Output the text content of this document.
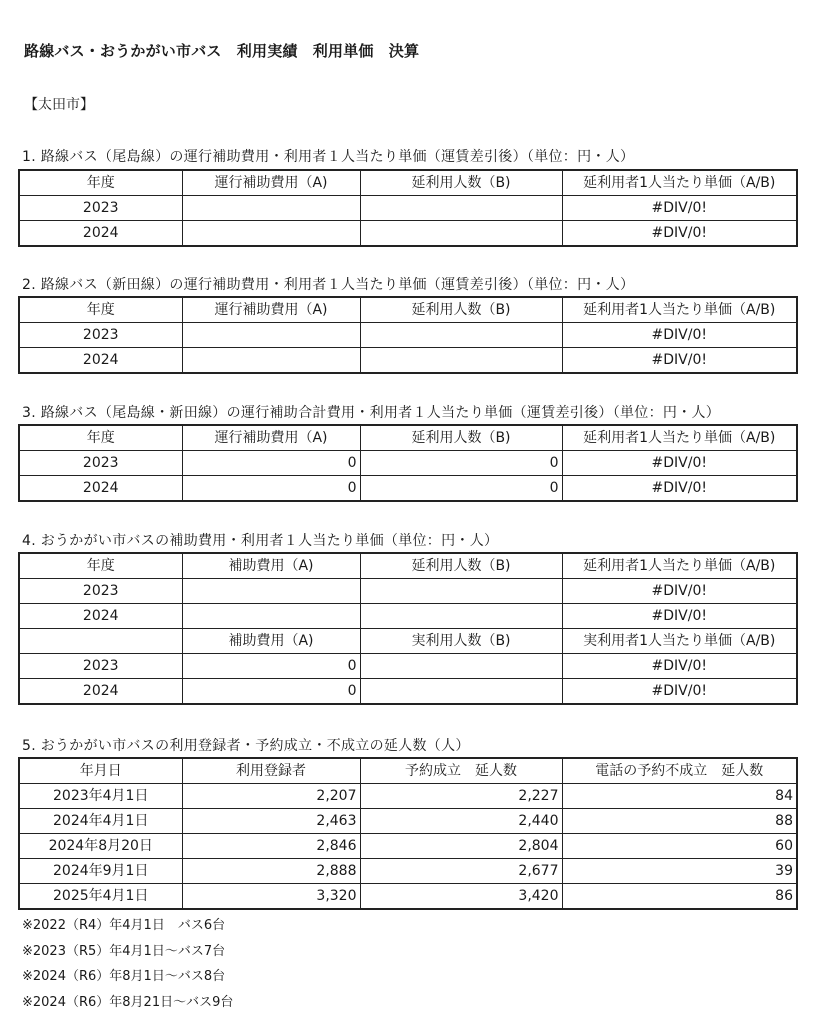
路線バス・おうかがい市バス　利用実績　利用単価　決算
【太田市】
1. 路線バス（尾島線）の運行補助費用・利用者１人当たり単価（運賃差引後）（単位：円・人）
年度	運行補助費用（A)	延利用人数（B)	延利用者1人当たり単価（A/B)
2023			#DIV/0!
2024			#DIV/0!
2. 路線バス（新田線）の運行補助費用・利用者１人当たり単価（運賃差引後）（単位：円・人）
年度	運行補助費用（A)	延利用人数（B)	延利用者1人当たり単価（A/B)
2023			#DIV/0!
2024			#DIV/0!
3. 路線バス（尾島線・新田線）の運行補助合計費用・利用者１人当たり単価（運賃差引後）（単位：円・人）
年度	運行補助費用（A)	延利用人数（B)	延利用者1人当たり単価（A/B)
2023	0	0	#DIV/0!
2024	0	0	#DIV/0!
4. おうかがい市バスの補助費用・利用者１人当たり単価（単位：円・人）
年度	補助費用（A)	延利用人数（B)	延利用者1人当たり単価（A/B)
2023			#DIV/0!
2024			#DIV/0!
	補助費用（A)	実利用人数（B)	実利用者1人当たり単価（A/B)
2023	0		#DIV/0!
2024	0		#DIV/0!
5. おうかがい市バスの利用登録者・予約成立・不成立の延人数（人）
年月日	利用登録者	予約成立　延人数	電話の予約不成立　延人数
2023年4月1日	2,207	2,227	84
2024年4月1日	2,463	2,440	88
2024年8月20日	2,846	2,804	60
2024年9月1日	2,888	2,677	39
2025年4月1日	3,320	3,420	86
※2022（R4）年4月1日　バス6台
※2023（R5）年4月1日～バス7台
※2024（R6）年8月1日～バス8台
※2024（R6）年8月21日～バス9台
